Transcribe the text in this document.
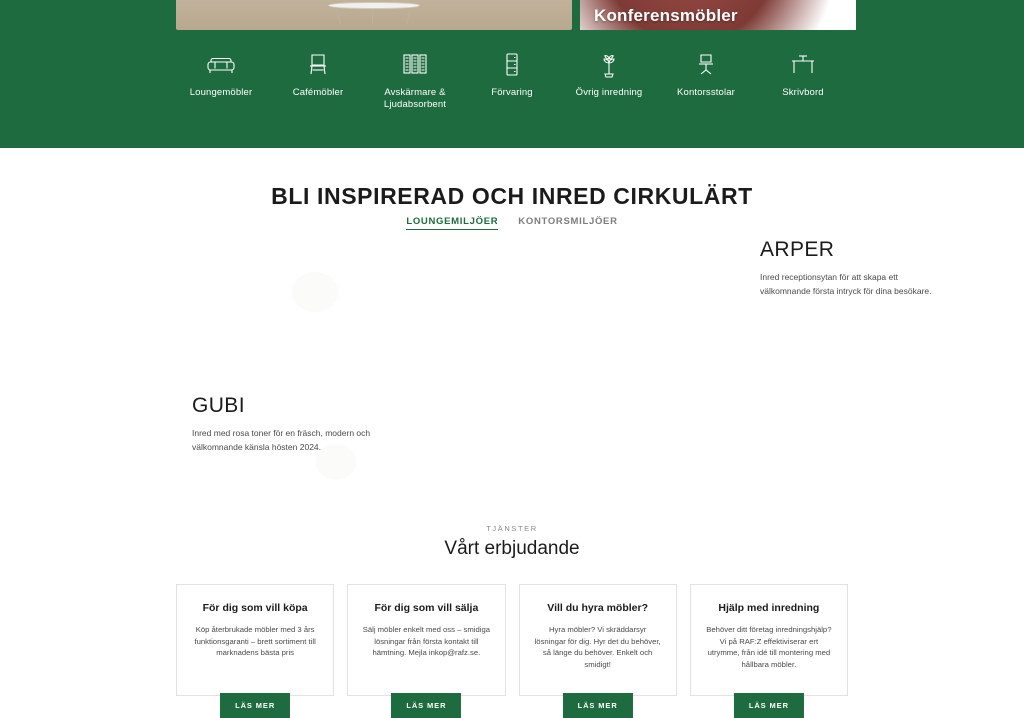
Konferensmöbler
Loungemöbler	Cafémöbler	Avskärmare & Ljudabsorbent
Förvaring	Övrig inredning	Kontorsstolar	Skrivbord
BLI INSPIRERAD OCH INRED CIRKULÄRT
LOUNGEMILJÖER KONTORSMILJÖER
ARPER
Inred receptionsytan för att skapa ett välkomnande första intryck för dina besökare.
GUBI
Inred med rosa toner för en fräsch, modern och välkomnande känsla hösten 2024.
TJÄNSTER
Vårt erbjudande
För dig som vill köpa

Köp återbrukade möbler med 3 års funktionsgaranti – brett sortiment till marknadens bästa pris

LÄS MER
För dig som vill sälja

Sälj möbler enkelt med oss – smidiga lösningar från första kontakt till hämtning. Mejla inkop@rafz.se.

LÄS MER
Vill du hyra möbler?

Hyra möbler? Vi skräddarsyr lösningar för dig. Hyr det du behöver, så länge du behöver. Enkelt och smidigt!

LÄS MER
Hjälp med inredning

Behöver ditt företag inredningshjälp? Vi på RAF:Z effektiviserar ert utrymme, från idé till montering med hållbara möbler.

LÄS MER
